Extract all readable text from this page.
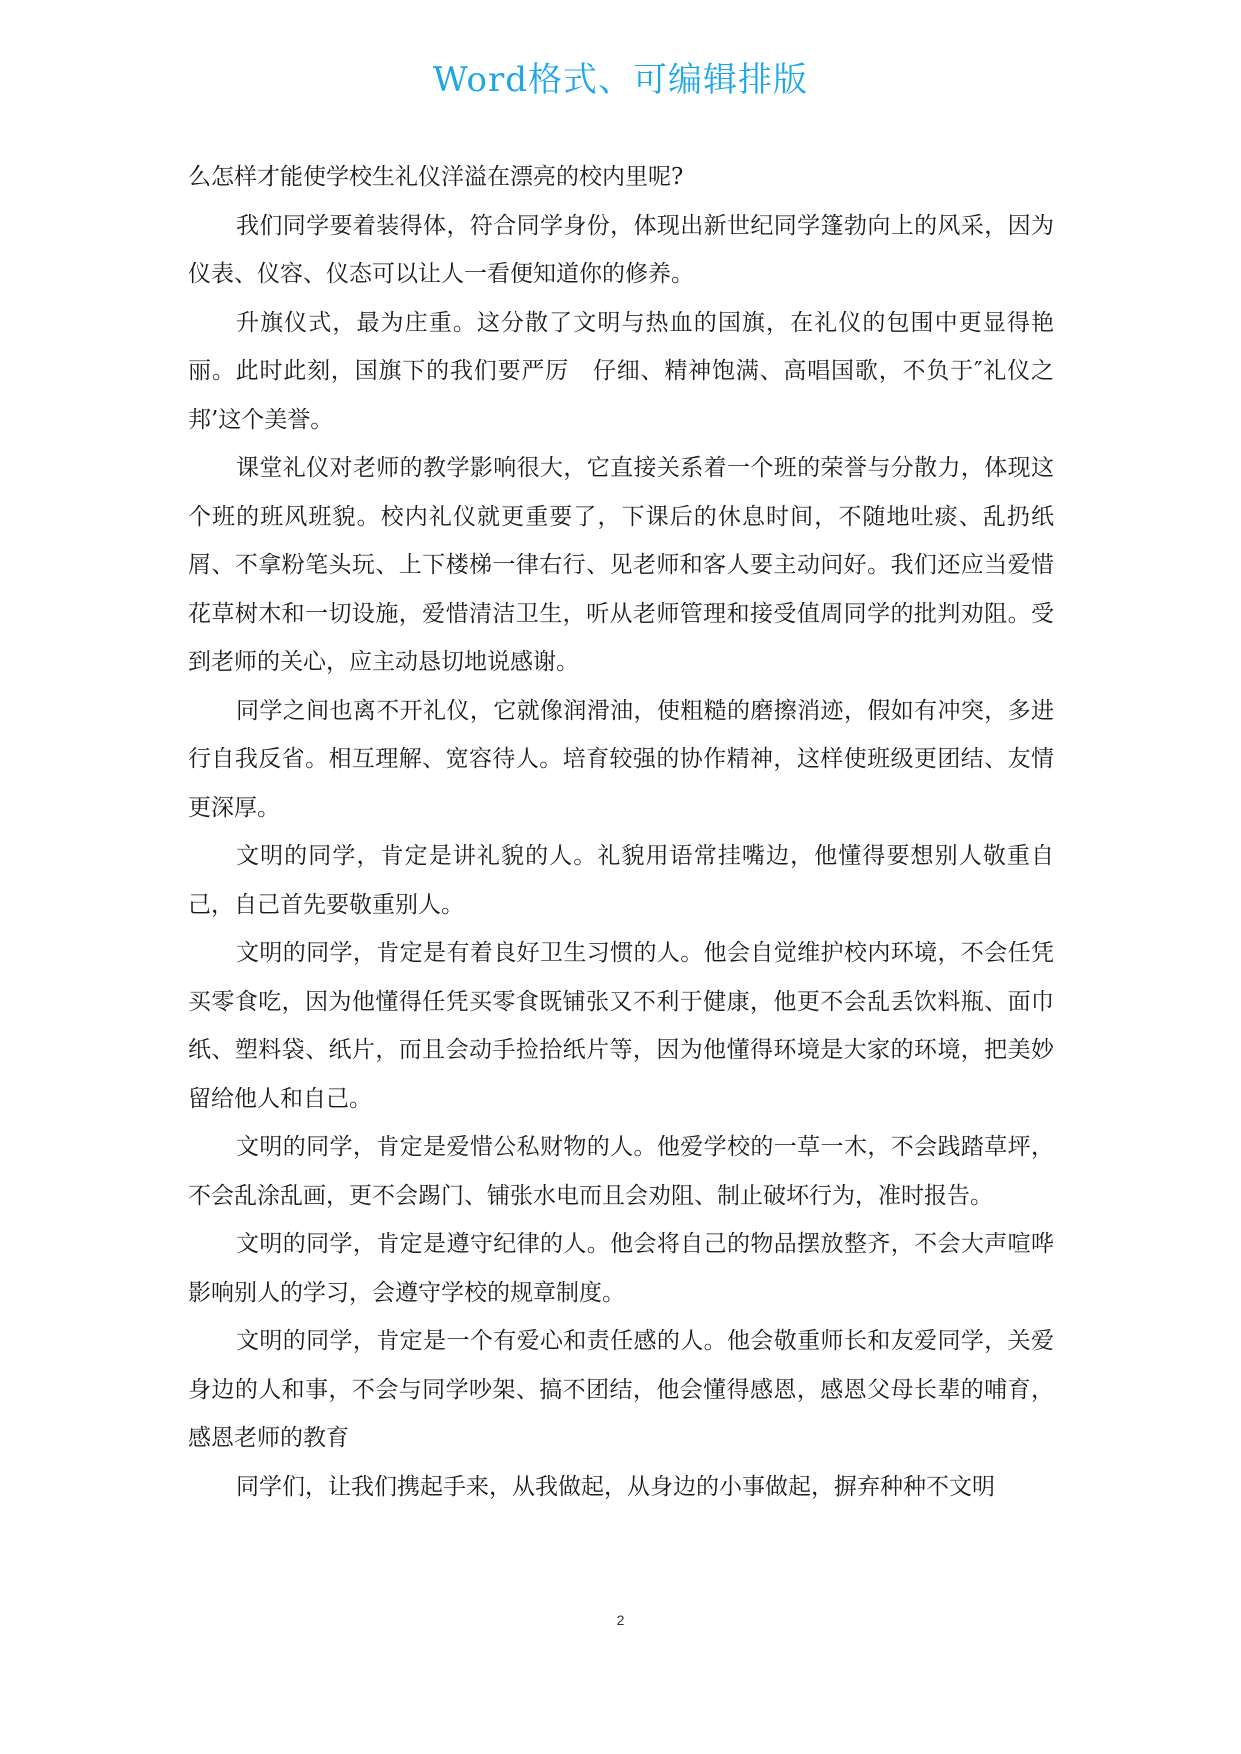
Word格式、可编辑排版

么怎样才能使学校生礼仪洋溢在漂亮的校内里呢?

我们同学要着装得体，符合同学身份，体现出新世纪同学篷勃向上的风采，因为仪表、仪容、仪态可以让人一看便知道你的修养。

升旗仪式，最为庄重。这分散了文明与热血的国旗，在礼仪的包围中更显得艳丽。此时此刻，国旗下的我们要严厉　仔细、精神饱满、高唱国歌，不负于″礼仪之邦’这个美誉。

课堂礼仪对老师的教学影响很大，它直接关系着一个班的荣誉与分散力，体现这个班的班风班貌。校内礼仪就更重要了，下课后的休息时间，不随地吐痰、乱扔纸屑、不拿粉笔头玩、上下楼梯一律右行、见老师和客人要主动问好。我们还应当爱惜花草树木和一切设施，爱惜清洁卫生，听从老师管理和接受值周同学的批判劝阻。受到老师的关心，应主动恳切地说感谢。

同学之间也离不开礼仪，它就像润滑油，使粗糙的磨擦消迹，假如有冲突，多进行自我反省。相互理解、宽容待人。培育较强的协作精神，这样使班级更团结、友情更深厚。

文明的同学，肯定是讲礼貌的人。礼貌用语常挂嘴边，他懂得要想别人敬重自己，自己首先要敬重别人。

文明的同学，肯定是有着良好卫生习惯的人。他会自觉维护校内环境，不会任凭买零食吃，因为他懂得任凭买零食既铺张又不利于健康，他更不会乱丢饮料瓶、面巾纸、塑料袋、纸片，而且会动手捡拾纸片等，因为他懂得环境是大家的环境，把美妙留给他人和自己。

文明的同学，肯定是爱惜公私财物的人。他爱学校的一草一木，不会践踏草坪，不会乱涂乱画，更不会踢门、铺张水电而且会劝阻、制止破坏行为，准时报告。

文明的同学，肯定是遵守纪律的人。他会将自己的物品摆放整齐，不会大声喧哗影响别人的学习，会遵守学校的规章制度。

文明的同学，肯定是一个有爱心和责任感的人。他会敬重师长和友爱同学，关爱身边的人和事，不会与同学吵架、搞不团结，他会懂得感恩，感恩父母长辈的哺育，感恩老师的教育

同学们，让我们携起手来，从我做起，从身边的小事做起，摒弃种种不文明

2
